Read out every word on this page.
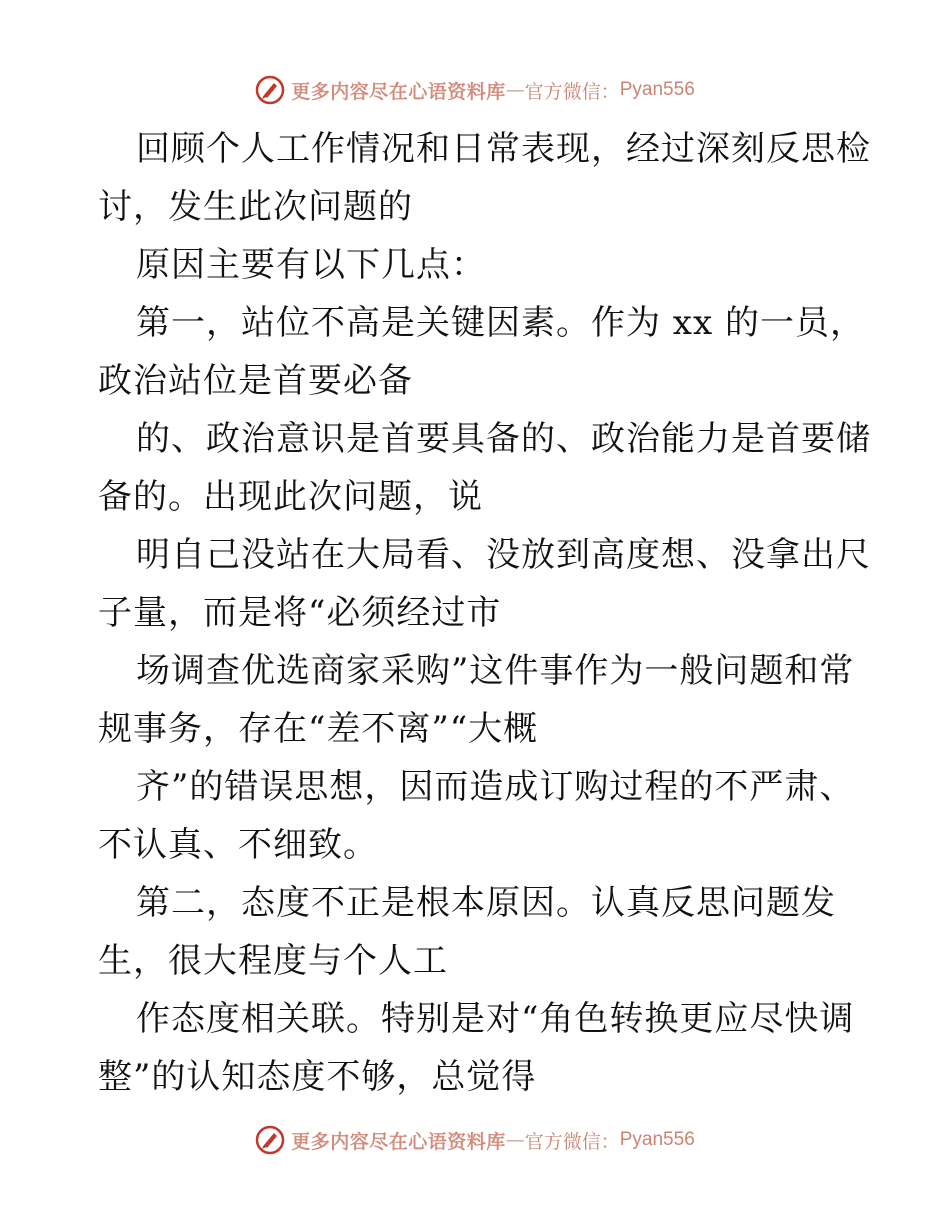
更多内容尽在心语资料库 — 官方微信： Pyan556
回顾个人工作情况和日常表现，经过深刻反思检
讨，发生此次问题的
原因主要有以下几点：
第一，站位不高是关键因素。作为 xx 的一员，
政治站位是首要必备
的、政治意识是首要具备的、政治能力是首要储
备的。出现此次问题，说
明自己没站在大局看、没放到高度想、没拿出尺
子量，而是将“必须经过市
场调查优选商家采购”这件事作为一般问题和常
规事务，存在“差不离”“大概
齐”的错误思想，因而造成订购过程的不严肃、
不认真、不细致。
第二，态度不正是根本原因。认真反思问题发
生，很大程度与个人工
作态度相关联。特别是对“角色转换更应尽快调
整”的认知态度不够，总觉得
更多内容尽在心语资料库 — 官方微信： Pyan556
